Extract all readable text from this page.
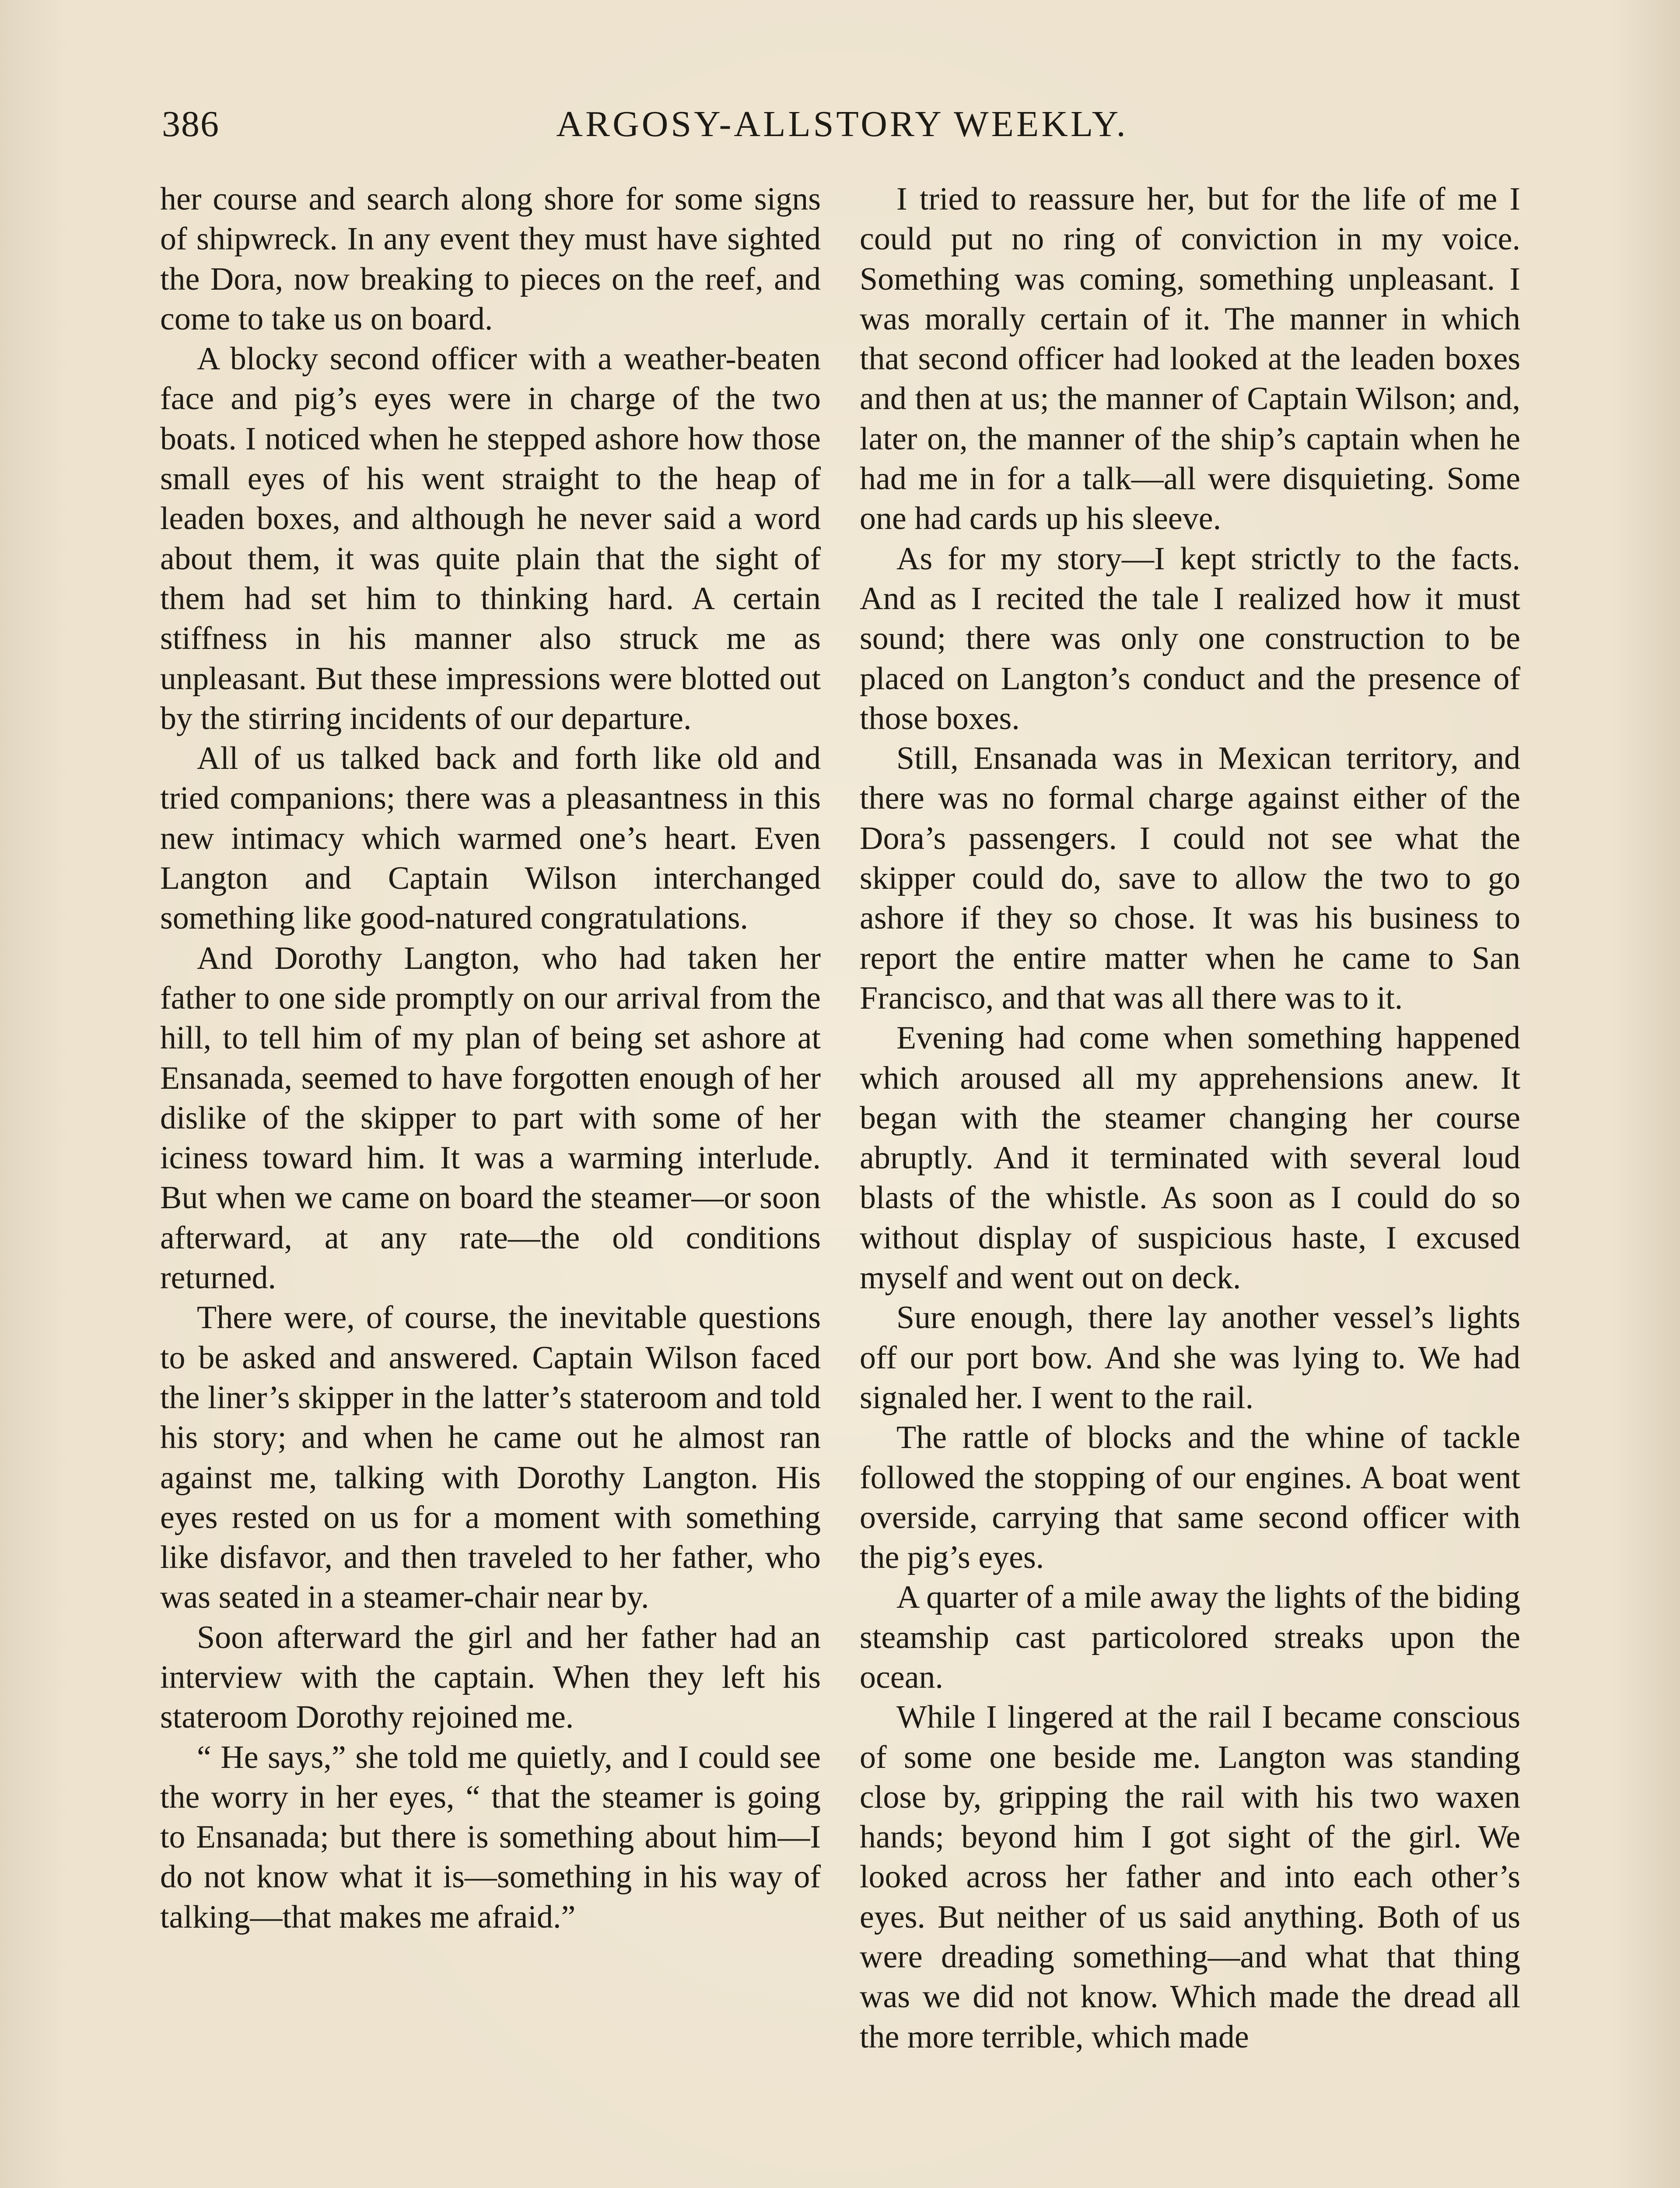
386	ARGOSY-ALLSTORY WEEKLY.

her course and search along shore for some signs of shipwreck. In any event they must have sighted the Dora, now breaking to pieces on the reef, and come to take us on board.

A blocky second officer with a weather-beaten face and pig’s eyes were in charge of the two boats. I noticed when he stepped ashore how those small eyes of his went straight to the heap of leaden boxes, and although he never said a word about them, it was quite plain that the sight of them had set him to thinking hard. A certain stiffness in his manner also struck me as unpleasant. But these impressions were blotted out by the stirring incidents of our departure.

All of us talked back and forth like old and tried companions; there was a pleasantness in this new intimacy which warmed one’s heart. Even Langton and Captain Wilson interchanged something like good-natured congratulations.

And Dorothy Langton, who had taken her father to one side promptly on our arrival from the hill, to tell him of my plan of being set ashore at Ensanada, seemed to have forgotten enough of her dislike of the skipper to part with some of her iciness toward him. It was a warming interlude. But when we came on board the steamer—or soon afterward, at any rate—the old conditions returned.

There were, of course, the inevitable questions to be asked and answered. Captain Wilson faced the liner’s skipper in the latter’s stateroom and told his story; and when he came out he almost ran against me, talking with Dorothy Langton. His eyes rested on us for a moment with something like disfavor, and then traveled to her father, who was seated in a steamer-chair near by.

Soon afterward the girl and her father had an interview with the captain. When they left his stateroom Dorothy rejoined me.

“ He says,” she told me quietly, and I could see the worry in her eyes, “ that the steamer is going to Ensanada; but there is something about him—I do not know what it is—something in his way of talking—that makes me afraid.”

I tried to reassure her, but for the life of me I could put no ring of conviction in my voice. Something was coming, something unpleasant. I was morally certain of it. The manner in which that second officer had looked at the leaden boxes and then at us; the manner of Captain Wilson; and, later on, the manner of the ship’s captain when he had me in for a talk—all were disquieting. Some one had cards up his sleeve.

As for my story—I kept strictly to the facts. And as I recited the tale I realized how it must sound; there was only one construction to be placed on Langton’s conduct and the presence of those boxes.

Still, Ensanada was in Mexican territory, and there was no formal charge against either of the Dora’s passengers. I could not see what the skipper could do, save to allow the two to go ashore if they so chose. It was his business to report the entire matter when he came to San Francisco, and that was all there was to it.

Evening had come when something happened which aroused all my apprehensions anew. It began with the steamer changing her course abruptly. And it terminated with several loud blasts of the whistle. As soon as I could do so without display of suspicious haste, I excused myself and went out on deck.

Sure enough, there lay another vessel’s lights off our port bow. And she was lying to. We had signaled her. I went to the rail.

The rattle of blocks and the whine of tackle followed the stopping of our engines. A boat went overside, carrying that same second officer with the pig’s eyes.

A quarter of a mile away the lights of the biding steamship cast particolored streaks upon the ocean.

While I lingered at the rail I became conscious of some one beside me. Langton was standing close by, gripping the rail with his two waxen hands; beyond him I got sight of the girl. We looked across her father and into each other’s eyes. But neither of us said anything. Both of us were dreading something—and what that thing was we did not know. Which made the dread all the more terrible, which made
